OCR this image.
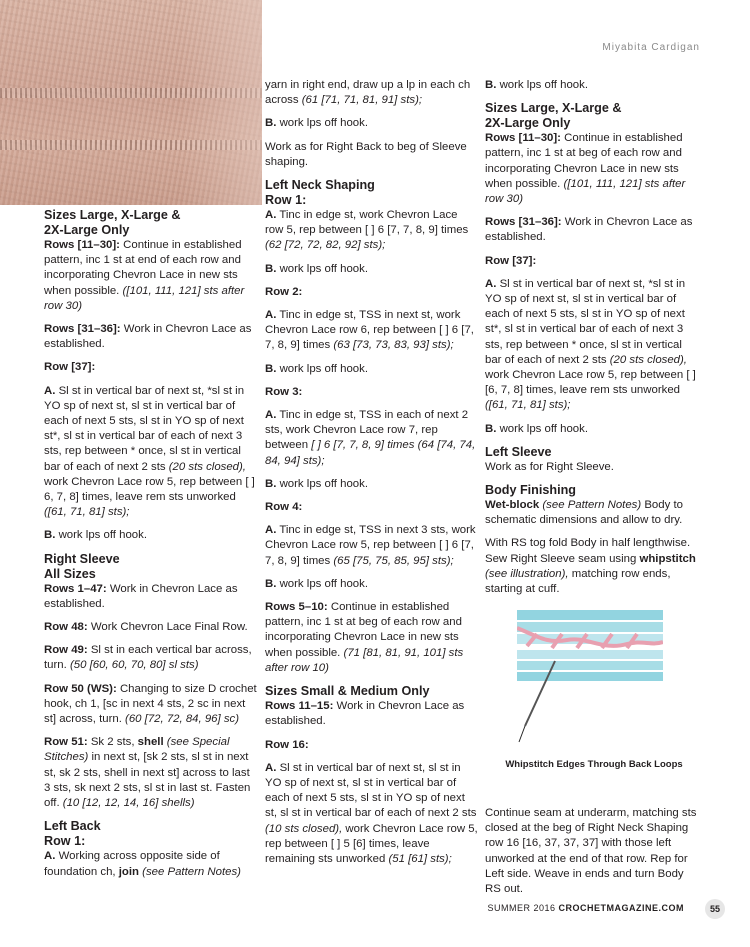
Miyabita Cardigan
Sizes Large, X-Large &
2X-Large Only
Rows [11–30]: Continue in established pattern, inc 1 st at end of each row and incorporating Chevron Lace in new sts when possible. ([101, 111, 121] sts after row 30)
Rows [31–36]: Work in Chevron Lace as established.
Row [37]:
A. Sl st in vertical bar of next st, *sl st in YO sp of next st, sl st in vertical bar of each of next 5 sts, sl st in YO sp of next st*, sl st in vertical bar of each of next 3 sts, rep between * once, sl st in vertical bar of each of next 2 sts (20 sts closed), work Chevron Lace row 5, rep between [ ] 6, 7, 8] times, leave rem sts unworked ([61, 71, 81] sts);
B. work lps off hook.
Right Sleeve
All Sizes
Rows 1–47: Work in Chevron Lace as established.
Row 48: Work Chevron Lace Final Row.
Row 49: Sl st in each vertical bar across, turn. (50 [60, 60, 70, 80] sl sts)
Row 50 (WS): Changing to size D crochet hook, ch 1, [sc in next 4 sts, 2 sc in next st] across, turn. (60 [72, 72, 84, 96] sc)
Row 51: Sk 2 sts, shell (see Special Stitches) in next st, [sk 2 sts, sl st in next st, sk 2 sts, shell in next st] across to last 3 sts, sk next 2 sts, sl st in last st. Fasten off. (10 [12, 12, 14, 16] shells)
Left Back
Row 1:
A. Working across opposite side of foundation ch, join (see Pattern Notes)
yarn in right end, draw up a lp in each ch across (61 [71, 71, 81, 91] sts);
B. work lps off hook.
Work as for Right Back to beg of Sleeve shaping.
Left Neck Shaping
Row 1:
A. Tinc in edge st, work Chevron Lace row 5, rep between [ ] 6 [7, 7, 8, 9] times (62 [72, 72, 82, 92] sts);
B. work lps off hook.
Row 2:
A. Tinc in edge st, TSS in next st, work Chevron Lace row 6, rep between [ ] 6 [7, 7, 8, 9] times (63 [73, 73, 83, 93] sts);
B. work lps off hook.
Row 3:
A. Tinc in edge st, TSS in each of next 2 sts, work Chevron Lace row 7, rep between [ ] 6 [7, 7, 8, 9] times (64 [74, 74, 84, 94] sts);
B. work lps off hook.
Row 4:
A. Tinc in edge st, TSS in next 3 sts, work Chevron Lace row 5, rep between [ ] 6 [7, 7, 8, 9] times (65 [75, 75, 85, 95] sts);
B. work lps off hook.
Rows 5–10: Continue in established pattern, inc 1 st at beg of each row and incorporating Chevron Lace in new sts when possible. (71 [81, 81, 91, 101] sts after row 10)
Sizes Small & Medium Only
Rows 11–15: Work in Chevron Lace as established.
Row 16:
A. Sl st in vertical bar of next st, sl st in YO sp of next st, sl st in vertical bar of each of next 5 sts, sl st in YO sp of next st, sl st in vertical bar of each of next 2 sts (10 sts closed), work Chevron Lace row 5, rep between [ ] 5 [6] times, leave remaining sts unworked (51 [61] sts);
B. work lps off hook.
Sizes Large, X-Large &
2X-Large Only
Rows [11–30]: Continue in established pattern, inc 1 st at beg of each row and incorporating Chevron Lace in new sts when possible. ([101, 111, 121] sts after row 30)
Rows [31–36]: Work in Chevron Lace as established.
Row [37]:
A. Sl st in vertical bar of next st, *sl st in YO sp of next st, sl st in vertical bar of each of next 5 sts, sl st in YO sp of next st*, sl st in vertical bar of each of next 3 sts, rep between * once, sl st in vertical bar of each of next 2 sts (20 sts closed), work Chevron Lace row 5, rep between [ ] [6, 7, 8] times, leave rem sts unworked ([61, 71, 81] sts);
B. work lps off hook.
Left Sleeve
Work as for Right Sleeve.
Body Finishing
Wet-block (see Pattern Notes) Body to schematic dimensions and allow to dry.
With RS tog fold Body in half lengthwise. Sew Right Sleeve seam using whipstitch (see illustration), matching row ends, starting at cuff.
Whipstitch Edges Through Back Loops

Continue seam at underarm, matching sts closed at the beg of Right Neck Shaping row 16 [16, 37, 37, 37] with those left unworked at the end of that row. Rep for Left side. Weave in ends and turn Body RS out.

SUMMER 2016 CROCHETMAGAZINE.COM	55
